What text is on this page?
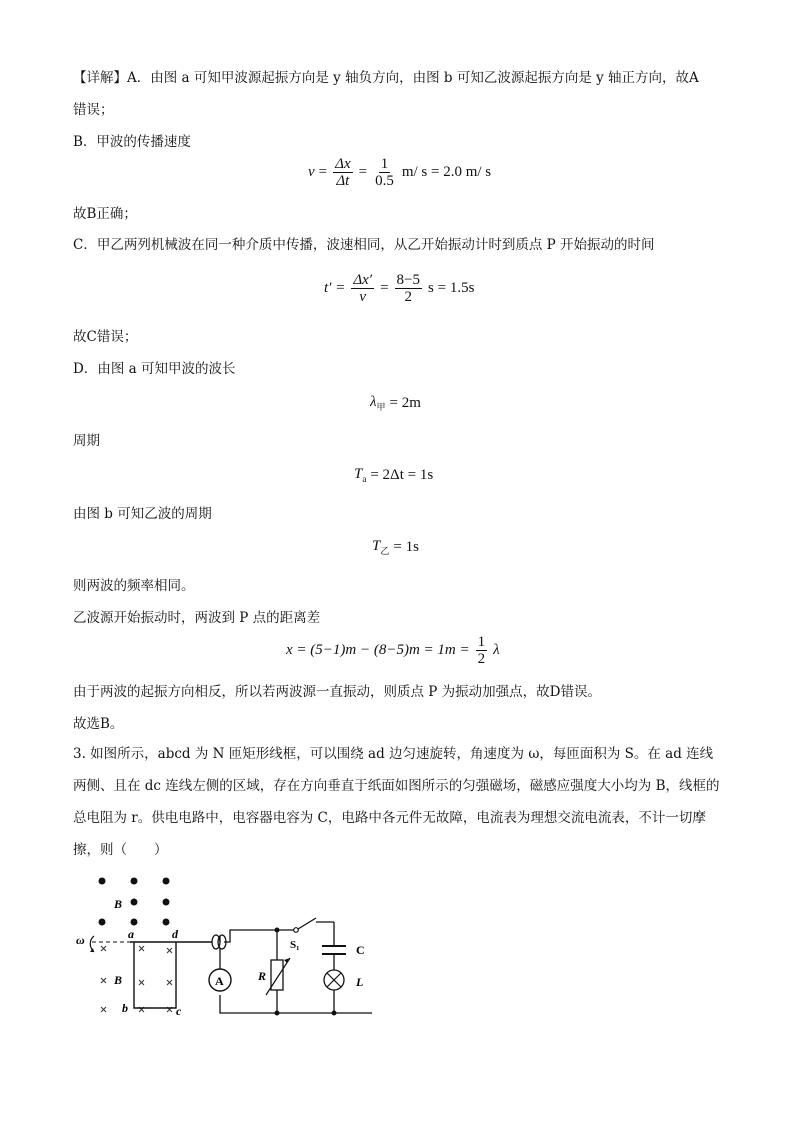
【详解】A．由图 a 可知甲波源起振方向是 y 轴负方向，由图 b 可知乙波源起振方向是 y 轴正方向，故A
错误；
B．甲波的传播速度
$v = \frac{\Delta x}{\Delta t} = \frac{1}{0.5} m/$ s = 2.0 m/ s
故B正确；
C．甲乙两列机械波在同一种介质中传播，波速相同，从乙开始振动计时到质点 P 开始振动的时间
$t' = \frac{\Delta x'}{v} = \frac{8-5}{2}$ s = 1.5s
故C错误；
D．由图 a 可知甲波的波长
$\lambda_甲 = 2m$
周期
$T_a = 2\Delta t = 1s$
由图 b 可知乙波的周期
$T_乙 = 1s$
则两波的频率相同。
乙波源开始振动时，两波到 P 点的距离差
$x = (5-1)m - (8-5)m = 1m = \frac{1}{2}$ λ
由于两波的起振方向相反，所以若两波源一直振动，则质点 P 为振动加强点，故D错误。
故选B。
3. 如图所示，abcd 为 N 匝矩形线框，可以围绕 ad 边匀速旋转，角速度为 ω，每匝面积为 S。在 ad 连线两侧、且在 dc 连线左侧的区域，存在方向垂直于纸面如图所示的匀强磁场，磁感应强度大小均为 B，线框的总电阻为 r。供电电路中，电容器电容为 C，电路中各元件无故障，电流表为理想交流电流表，不计一切摩擦，则（　　）
B
ω
B
a	d
b	c
A	R
S₁	C
L
